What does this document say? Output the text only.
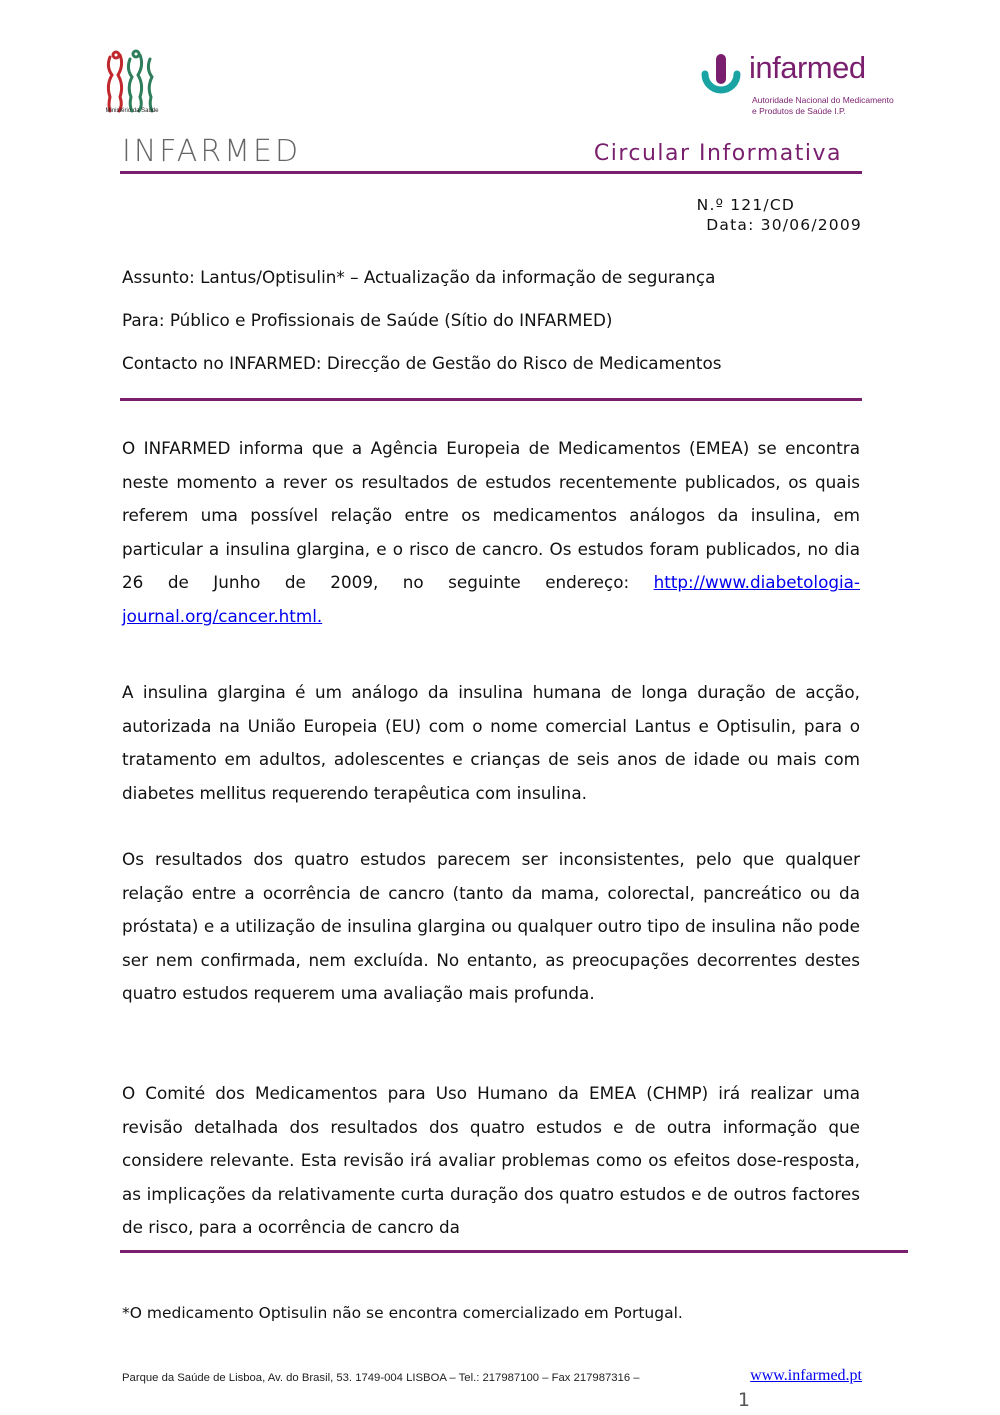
Ministério da Saúde
infarmed
Autoridade Nacional do Medicamento
e Produtos de Saúde I.P.
INFARMED	Circular Informativa
N.º 121/CD
Data: 30/06/2009
Assunto: Lantus/Optisulin* – Actualização da informação de segurança
Para: Público e Profissionais de Saúde (Sítio do INFARMED)
Contacto no INFARMED: Direcção de Gestão do Risco de Medicamentos

O INFARMED informa que a Agência Europeia de Medicamentos (EMEA) se encontra neste momento a rever os resultados de estudos recentemente publicados, os quais referem uma possível relação entre os medicamentos análogos da insulina, em particular a insulina glargina, e o risco de cancro. Os estudos foram publicados, no dia 26 de Junho de 2009, no seguinte endereço: http://www.diabetologia-journal.org/cancer.html.

A insulina glargina é um análogo da insulina humana de longa duração de acção, autorizada na União Europeia (EU) com o nome comercial Lantus e Optisulin, para o tratamento em adultos, adolescentes e crianças de seis anos de idade ou mais com diabetes mellitus requerendo terapêutica com insulina.

Os resultados dos quatro estudos parecem ser inconsistentes, pelo que qualquer relação entre a ocorrência de cancro (tanto da mama, colorectal, pancreático ou da próstata) e a utilização de insulina glargina ou qualquer outro tipo de insulina não pode ser nem confirmada, nem excluída. No entanto, as preocupações decorrentes destes quatro estudos requerem uma avaliação mais profunda.

O Comité dos Medicamentos para Uso Humano da EMEA (CHMP) irá realizar uma revisão detalhada dos resultados dos quatro estudos e de outra informação que considere relevante. Esta revisão irá avaliar problemas como os efeitos dose-resposta, as implicações da relativamente curta duração dos quatro estudos e de outros factores de risco, para a ocorrência de cancro da

*O medicamento Optisulin não se encontra comercializado em Portugal.
Parque da Saúde de Lisboa, Av. do Brasil, 53. 1749-004 LISBOA – Tel.: 217987100 – Fax 217987316 –	www.infarmed.pt
1
